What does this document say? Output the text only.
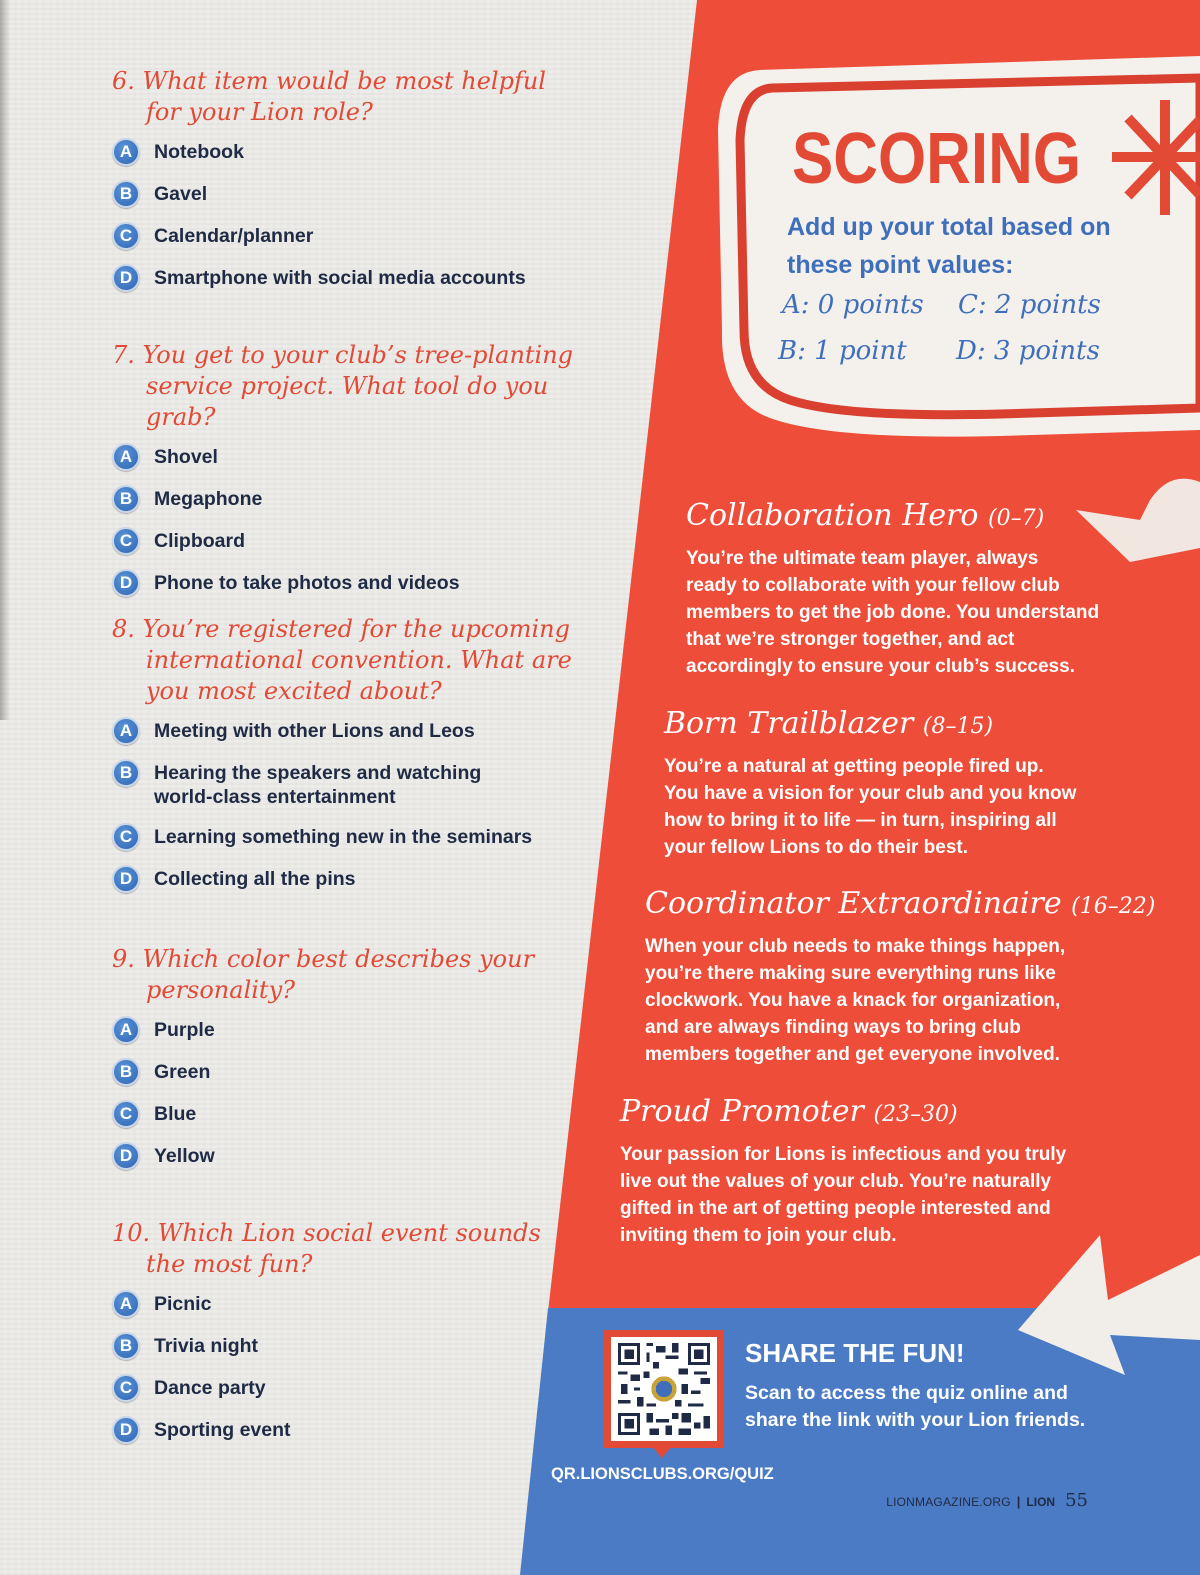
6. What item would be most helpful
for your Lion role?
A	Notebook
B	Gavel
C	Calendar/planner
D	Smartphone with social media accounts
7. You get to your club’s tree-planting
service project. What tool do you grab?
A	Shovel
B	Megaphone
C	Clipboard
D	Phone to take photos and videos
8. You’re registered for the upcoming
international convention. What are
you most excited about?
A	Meeting with other Lions and Leos
B	Hearing the speakers and watching world-class entertainment
C	Learning something new in the seminars
D	Collecting all the pins
9. Which color best describes your
personality?
A	Purple
B	Green
C	Blue
D	Yellow
10. Which Lion social event sounds
the most fun?
A	Picnic
B	Trivia night
C	Dance party
D	Sporting event
SCORING

Add up your total based on these point values:

A: 0 points C: 2 points
B: 1 point D: 3 points
Collaboration Hero (0–7)

You’re the ultimate team player, always
ready to collaborate with your fellow club
members to get the job done. You understand
that we’re stronger together, and act
accordingly to ensure your club’s success.

Born Trailblazer (8–15)

You’re a natural at getting people fired up.
You have a vision for your club and you know
how to bring it to life — in turn, inspiring all
your fellow Lions to do their best.

Coordinator Extraordinaire (16–22)

When your club needs to make things happen,
you’re there making sure everything runs like
clockwork. You have a knack for organization,
and are always finding ways to bring club
members together and get everyone involved.

Proud Promoter (23–30)

Your passion for Lions is infectious and you truly
live out the values of your club. You’re naturally
gifted in the art of getting people interested and
inviting them to join your club.

SHARE THE FUN!

Scan to access the quiz online and
share the link with your Lion friends.

QR.LIONSCLUBS.ORG/QUIZ

LIONMAGAZINE.ORG | LION 55
